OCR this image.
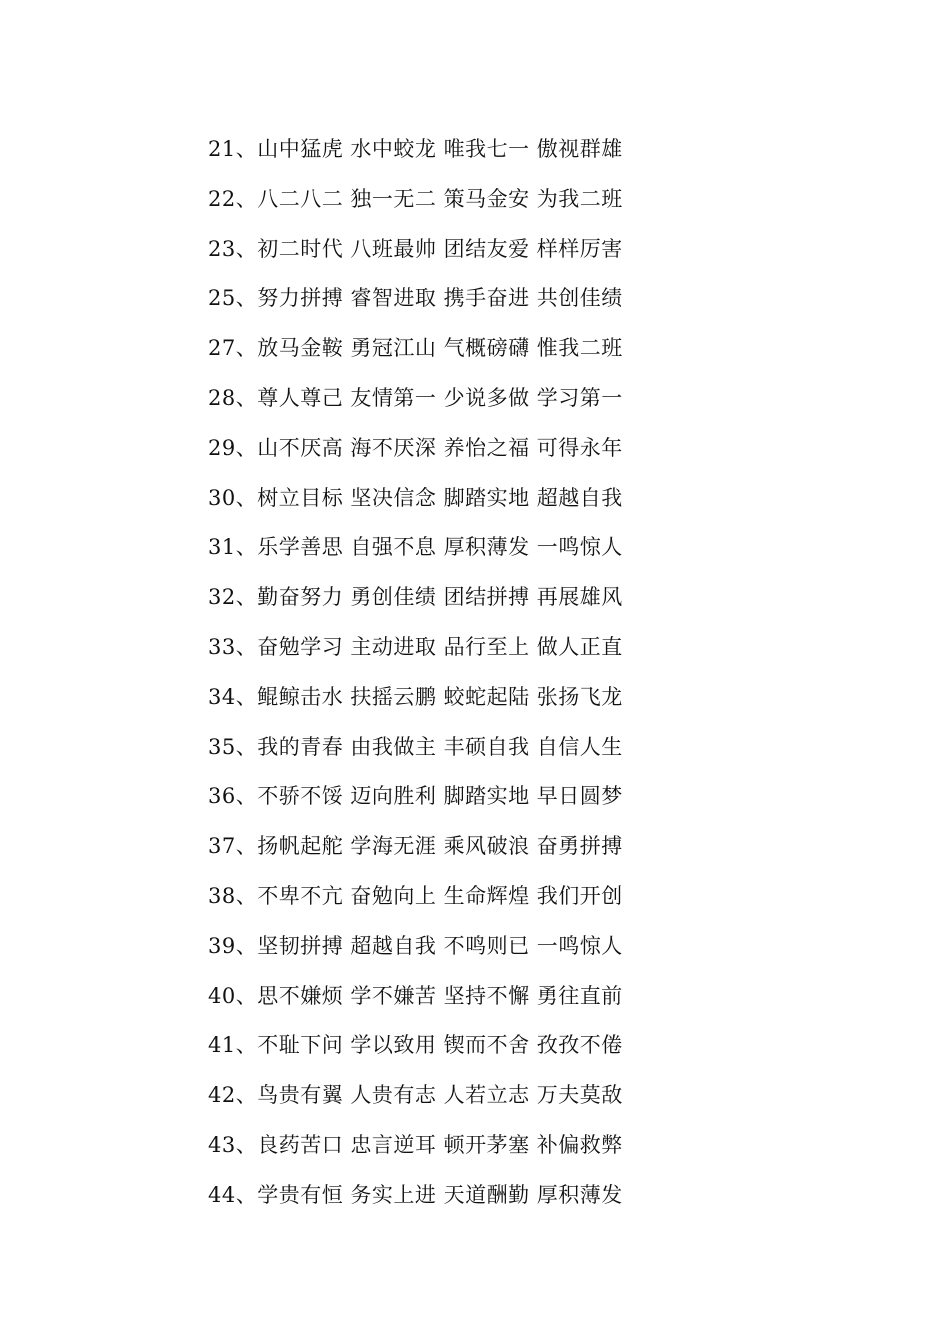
21、山中猛虎 水中蛟龙 唯我七一 傲视群雄
22、八二八二 独一无二 策马金安 为我二班
23、初二时代 八班最帅 团结友爱 样样厉害
25、努力拼搏 睿智进取 携手奋进 共创佳绩
27、放马金鞍 勇冠江山 气概磅礴 惟我二班
28、尊人尊己 友情第一 少说多做 学习第一
29、山不厌高 海不厌深 养怡之福 可得永年
30、树立目标 坚决信念 脚踏实地 超越自我
31、乐学善思 自强不息 厚积薄发 一鸣惊人
32、勤奋努力 勇创佳绩 团结拼搏 再展雄风
33、奋勉学习 主动进取 品行至上 做人正直
34、鲲鲸击水 扶摇云鹏 蛟蛇起陆 张扬飞龙
35、我的青春 由我做主 丰硕自我 自信人生
36、不骄不馁 迈向胜利 脚踏实地 早日圆梦
37、扬帆起舵 学海无涯 乘风破浪 奋勇拼搏
38、不卑不亢 奋勉向上 生命辉煌 我们开创
39、坚韧拼搏 超越自我 不鸣则已 一鸣惊人
40、思不嫌烦 学不嫌苦 坚持不懈 勇往直前
41、不耻下问 学以致用 锲而不舍 孜孜不倦
42、鸟贵有翼 人贵有志 人若立志 万夫莫敌
43、良药苦口 忠言逆耳 顿开茅塞 补偏救弊
44、学贵有恒 务实上进 天道酬勤 厚积薄发
